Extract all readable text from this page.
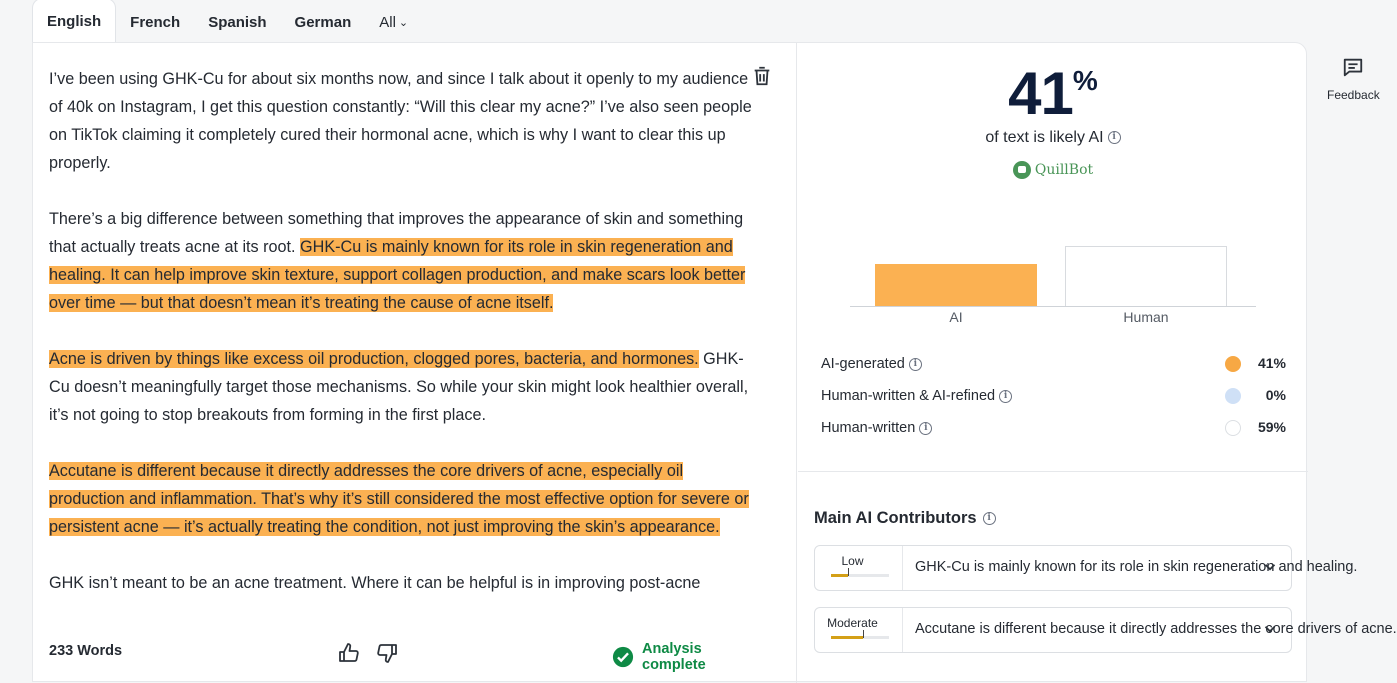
English French Spanish German All ⌄

I’ve been using GHK-Cu for about six months now, and since I talk about it openly to my audience of 40k on Instagram, I get this question constantly: “Will this clear my acne?” I’ve also seen people on TikTok claiming it completely cured their hormonal acne, which is why I want to clear this up properly.

There’s a big difference between something that improves the appearance of skin and something that actually treats acne at its root. GHK-Cu is mainly known for its role in skin regeneration and healing. It can help improve skin texture, support collagen production, and make scars look better over time — but that doesn’t mean it’s treating the cause of acne itself.

Acne is driven by things like excess oil production, clogged pores, bacteria, and hormones. GHK-Cu doesn’t meaningfully target those mechanisms. So while your skin might look healthier overall, it’s not going to stop breakouts from forming in the first place.

Accutane is different because it directly addresses the core drivers of acne, especially oil production and inflammation. That’s why it’s still considered the most effective option for severe or persistent acne — it’s actually treating the condition, not just improving the skin’s appearance.

GHK isn’t meant to be an acne treatment. Where it can be helpful is in improving post-acne

233 Words	Analysis complete
41%
of text is likely AI i
QuillBot
AI	Human
AI-generated i	41%
Human-written & AI-refined i	0%
Human-written i	59%
Main AI Contributors i
Low	GHK-Cu is mainly known for its role in skin regeneration and healing.
Moderate	Accutane is different because it directly addresses the core drivers of acne.
Feedback
